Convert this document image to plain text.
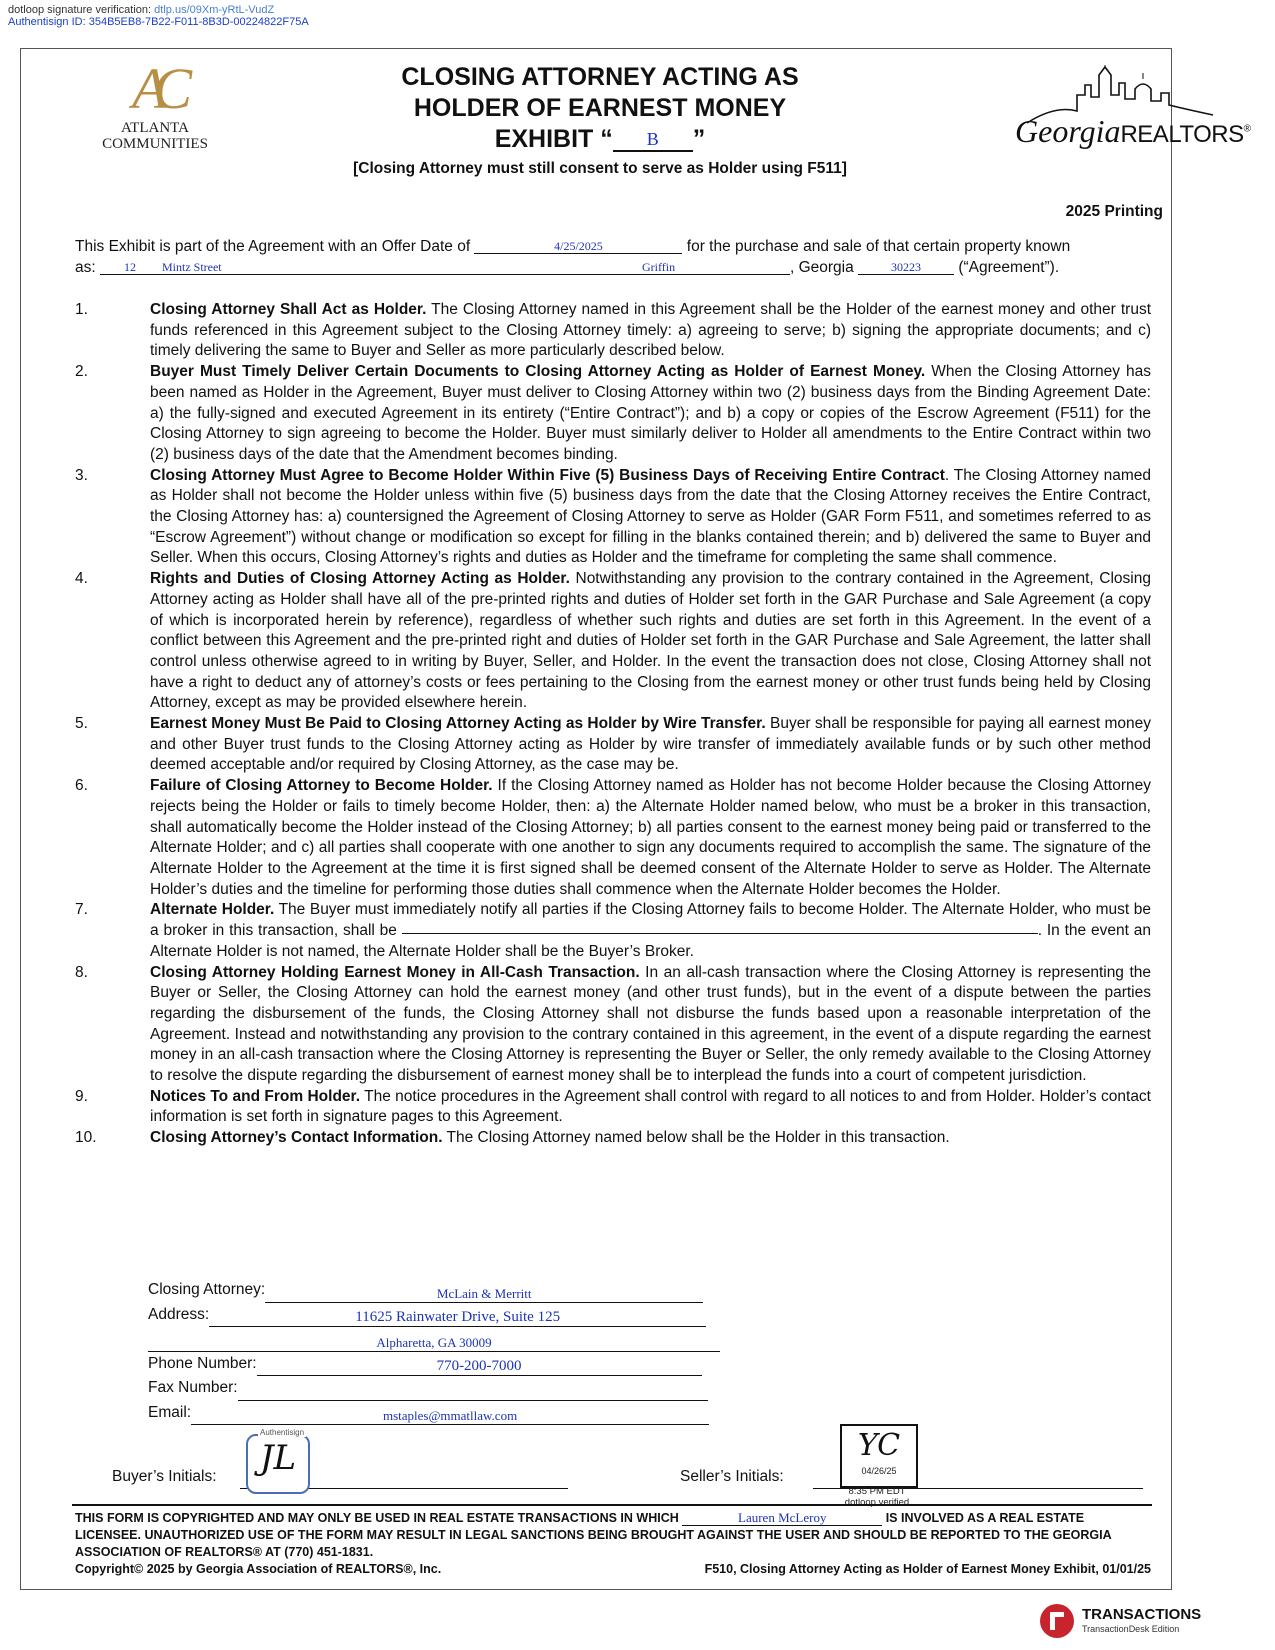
dotloop signature verification: dtlp.us/09Xm-yRtL-VudZ
Authentisign ID: 354B5EB8-7B22-F011-8B3D-00224822F75A
AC
ATLANTA
COMMUNITIES
CLOSING ATTORNEY ACTING AS
HOLDER OF EARNEST MONEY
EXHIBIT “ B ”
[Closing Attorney must still consent to serve as Holder using F511]
GeorgiaREALTORS®
2025 Printing
This Exhibit is part of the Agreement with an Offer Date of	4/25/2025	for the purchase and sale of that certain property known
as: 12 Mintz Street	Griffin	, Georgia	30223 (“Agreement”).
1.	Closing Attorney Shall Act as Holder. The Closing Attorney named in this Agreement shall be the Holder of the earnest money and other trust funds referenced in this Agreement subject to the Closing Attorney timely: a) agreeing to serve; b) signing the appropriate documents; and c) timely delivering the same to Buyer and Seller as more particularly described below.
2.	Buyer Must Timely Deliver Certain Documents to Closing Attorney Acting as Holder of Earnest Money. When the Closing Attorney has been named as Holder in the Agreement, Buyer must deliver to Closing Attorney within two (2) business days from the Binding Agreement Date: a) the fully-signed and executed Agreement in its entirety (“Entire Contract”); and b) a copy or copies of the Escrow Agreement (F511) for the Closing Attorney to sign agreeing to become the Holder. Buyer must similarly deliver to Holder all amendments to the Entire Contract within two (2) business days of the date that the Amendment becomes binding.
3.	Closing Attorney Must Agree to Become Holder Within Five (5) Business Days of Receiving Entire Contract. The Closing Attorney named as Holder shall not become the Holder unless within five (5) business days from the date that the Closing Attorney receives the Entire Contract, the Closing Attorney has: a) countersigned the Agreement of Closing Attorney to serve as Holder (GAR Form F511, and sometimes referred to as “Escrow Agreement”) without change or modification so except for filling in the blanks contained therein; and b) delivered the same to Buyer and Seller. When this occurs, Closing Attorney’s rights and duties as Holder and the timeframe for completing the same shall commence.
4.	Rights and Duties of Closing Attorney Acting as Holder. Notwithstanding any provision to the contrary contained in the Agreement, Closing Attorney acting as Holder shall have all of the pre-printed rights and duties of Holder set forth in the GAR Purchase and Sale Agreement (a copy of which is incorporated herein by reference), regardless of whether such rights and duties are set forth in this Agreement. In the event of a conflict between this Agreement and the pre-printed right and duties of Holder set forth in the GAR Purchase and Sale Agreement, the latter shall control unless otherwise agreed to in writing by Buyer, Seller, and Holder. In the event the transaction does not close, Closing Attorney shall not have a right to deduct any of attorney’s costs or fees pertaining to the Closing from the earnest money or other trust funds being held by Closing Attorney, except as may be provided elsewhere herein.
5.	Earnest Money Must Be Paid to Closing Attorney Acting as Holder by Wire Transfer. Buyer shall be responsible for paying all earnest money and other Buyer trust funds to the Closing Attorney acting as Holder by wire transfer of immediately available funds or by such other method deemed acceptable and/or required by Closing Attorney, as the case may be.
6.	Failure of Closing Attorney to Become Holder. If the Closing Attorney named as Holder has not become Holder because the Closing Attorney rejects being the Holder or fails to timely become Holder, then: a) the Alternate Holder named below, who must be a broker in this transaction, shall automatically become the Holder instead of the Closing Attorney; b) all parties consent to the earnest money being paid or transferred to the Alternate Holder; and c) all parties shall cooperate with one another to sign any documents required to accomplish the same. The signature of the Alternate Holder to the Agreement at the time it is first signed shall be deemed consent of the Alternate Holder to serve as Holder. The Alternate Holder’s duties and the timeline for performing those duties shall commence when the Alternate Holder becomes the Holder.
7.	Alternate Holder. The Buyer must immediately notify all parties if the Closing Attorney fails to become Holder. The Alternate Holder, who must be a broker in this transaction, shall be	. In the event an Alternate Holder is not named, the Alternate Holder shall be the Buyer’s Broker.
8.	Closing Attorney Holding Earnest Money in All-Cash Transaction. In an all-cash transaction where the Closing Attorney is representing the Buyer or Seller, the Closing Attorney can hold the earnest money (and other trust funds), but in the event of a dispute between the parties regarding the disbursement of the funds, the Closing Attorney shall not disburse the funds based upon a reasonable interpretation of the Agreement. Instead and notwithstanding any provision to the contrary contained in this agreement, in the event of a dispute regarding the earnest money in an all-cash transaction where the Closing Attorney is representing the Buyer or Seller, the only remedy available to the Closing Attorney to resolve the dispute regarding the disbursement of earnest money shall be to interplead the funds into a court of competent jurisdiction.
9.	Notices To and From Holder. The notice procedures in the Agreement shall control with regard to all notices to and from Holder. Holder’s contact information is set forth in signature pages to this Agreement.
10.	Closing Attorney’s Contact Information. The Closing Attorney named below shall be the Holder in this transaction.
Closing Attorney:	McLain & Merritt
Address:	11625 Rainwater Drive, Suite 125
Alpharetta, GA 30009
Phone Number:	770-200-7000
Fax Number:
Email:	mstaples@mmatllaw.com
Buyer’s Initials:
Authentisign
JL	Seller’s Initials:
YC
04/26/25
8:35 PM EDT
dotloop verified
THIS FORM IS COPYRIGHTED AND MAY ONLY BE USED IN REAL ESTATE TRANSACTIONS IN WHICH	Lauren McLeroy	IS INVOLVED AS A REAL ESTATE LICENSEE. UNAUTHORIZED USE OF THE FORM MAY RESULT IN LEGAL SANCTIONS BEING BROUGHT AGAINST THE USER AND SHOULD BE REPORTED TO THE GEORGIA ASSOCIATION OF REALTORS® AT (770) 451-1831.
Copyright© 2025 by Georgia Association of REALTORS®, Inc.	F510, Closing Attorney Acting as Holder of Earnest Money Exhibit, 01/01/25
TRANSACTIONS
TransactionDesk Edition
